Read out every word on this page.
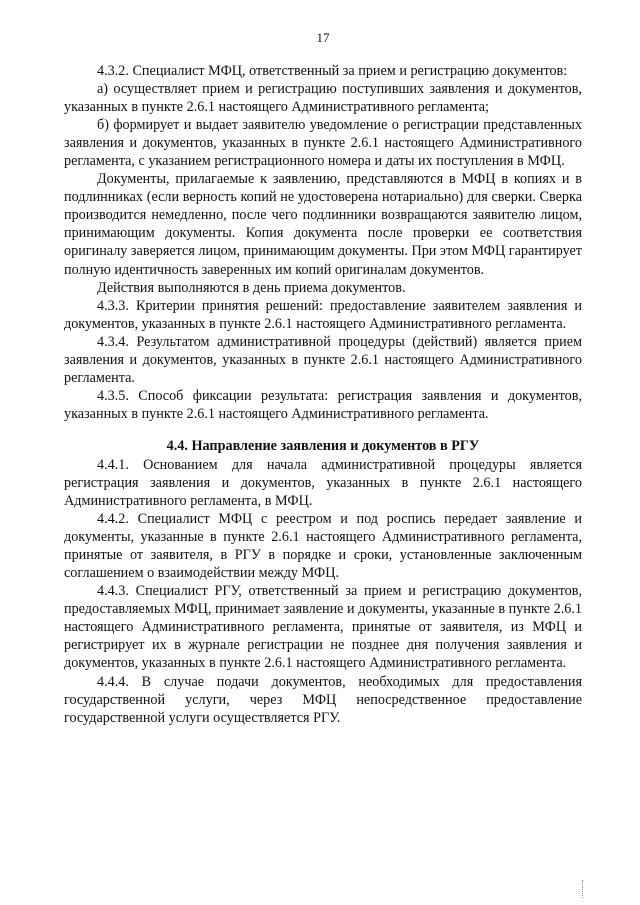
17

4.3.2. Специалист МФЦ, ответственный за прием и регистрацию документов:

а) осуществляет прием и регистрацию поступивших заявления и документов, указанных в пункте 2.6.1 настоящего Административного регламента;

б) формирует и выдает заявителю уведомление о регистрации представленных заявления и документов, указанных в пункте 2.6.1 настоящего Административного регламента, с указанием регистрационного номера и даты их поступления в МФЦ.

Документы, прилагаемые к заявлению, представляются в МФЦ в копиях и в подлинниках (если верность копий не удостоверена нотариально) для сверки. Сверка производится немедленно, после чего подлинники возвращаются заявителю лицом, принимающим документы. Копия документа после проверки ее соответствия оригиналу заверяется лицом, принимающим документы. При этом МФЦ гарантирует полную идентичность заверенных им копий оригиналам документов.

Действия выполняются в день приема документов.

4.3.3. Критерии принятия решений: предоставление заявителем заявления и документов, указанных в пункте 2.6.1 настоящего Административного регламента.

4.3.4. Результатом административной процедуры (действий) является прием заявления и документов, указанных в пункте 2.6.1 настоящего Административного регламента.

4.3.5. Способ фиксации результата: регистрация заявления и документов, указанных в пункте 2.6.1 настоящего Административного регламента.

4.4. Направление заявления и документов в РГУ

4.4.1. Основанием для начала административной процедуры является регистрация заявления и документов, указанных в пункте 2.6.1 настоящего Административного регламента, в МФЦ.

4.4.2. Специалист МФЦ с реестром и под роспись передает заявление и документы, указанные в пункте 2.6.1 настоящего Административного регламента, принятые от заявителя, в РГУ в порядке и сроки, установленные заключенным соглашением о взаимодействии между МФЦ.

4.4.3. Специалист РГУ, ответственный за прием и регистрацию документов, предоставляемых МФЦ, принимает заявление и документы, указанные в пункте 2.6.1 настоящего Административного регламента, принятые от заявителя, из МФЦ и регистрирует их в журнале регистрации не позднее дня получения заявления и документов, указанных в пункте 2.6.1 настоящего Административного регламента.

4.4.4. В случае подачи документов, необходимых для предоставления государственной услуги, через МФЦ непосредственное предоставление государственной услуги осуществляется РГУ.
